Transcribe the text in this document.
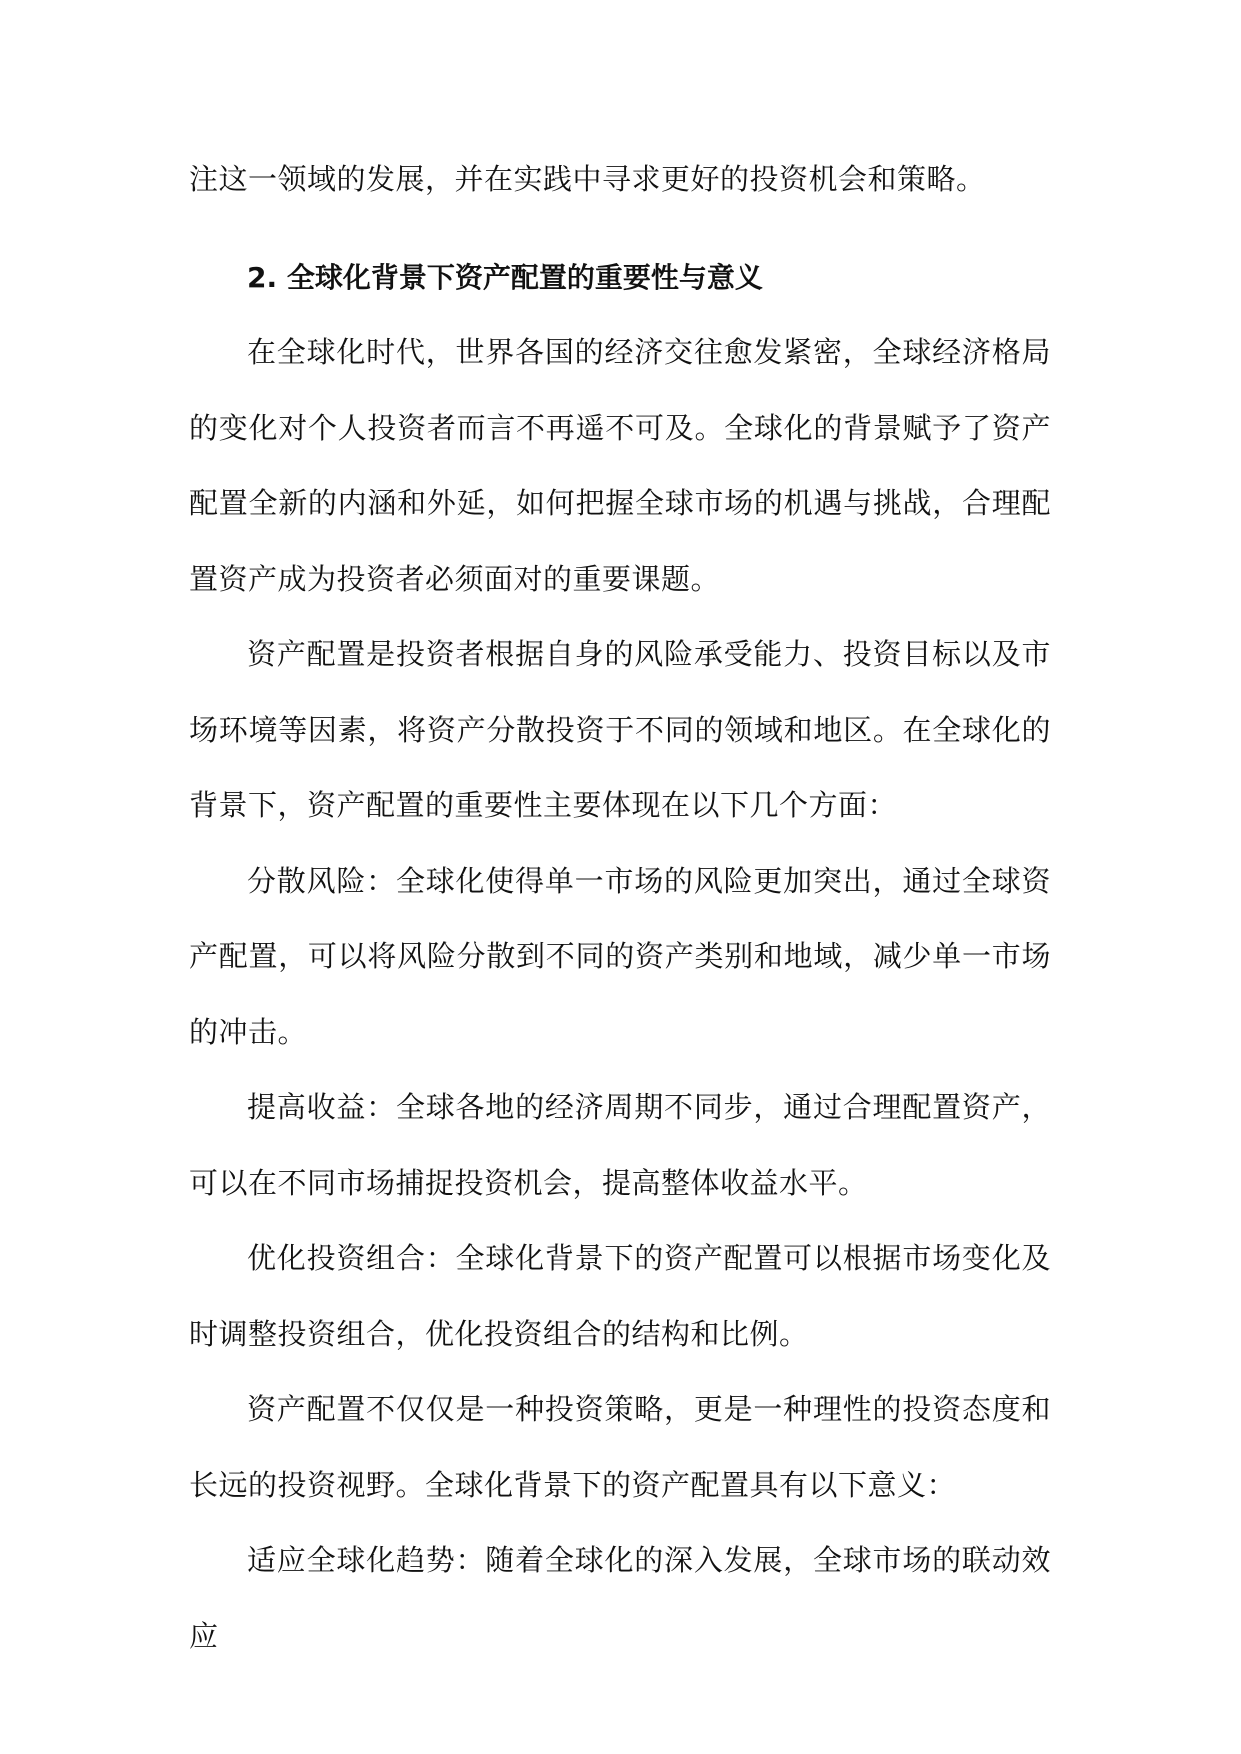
注这一领域的发展，并在实践中寻求更好的投资机会和策略。

2. 全球化背景下资产配置的重要性与意义

在全球化时代，世界各国的经济交往愈发紧密，全球经济格局的变化对个人投资者而言不再遥不可及。全球化的背景赋予了资产配置全新的内涵和外延，如何把握全球市场的机遇与挑战，合理配置资产成为投资者必须面对的重要课题。

资产配置是投资者根据自身的风险承受能力、投资目标以及市场环境等因素，将资产分散投资于不同的领域和地区。在全球化的背景下，资产配置的重要性主要体现在以下几个方面：

分散风险：全球化使得单一市场的风险更加突出，通过全球资产配置，可以将风险分散到不同的资产类别和地域，减少单一市场的冲击。

提高收益：全球各地的经济周期不同步，通过合理配置资产，可以在不同市场捕捉投资机会，提高整体收益水平。

优化投资组合：全球化背景下的资产配置可以根据市场变化及时调整投资组合，优化投资组合的结构和比例。

资产配置不仅仅是一种投资策略，更是一种理性的投资态度和长远的投资视野。全球化背景下的资产配置具有以下意义：

适应全球化趋势：随着全球化的深入发展，全球市场的联动效应
